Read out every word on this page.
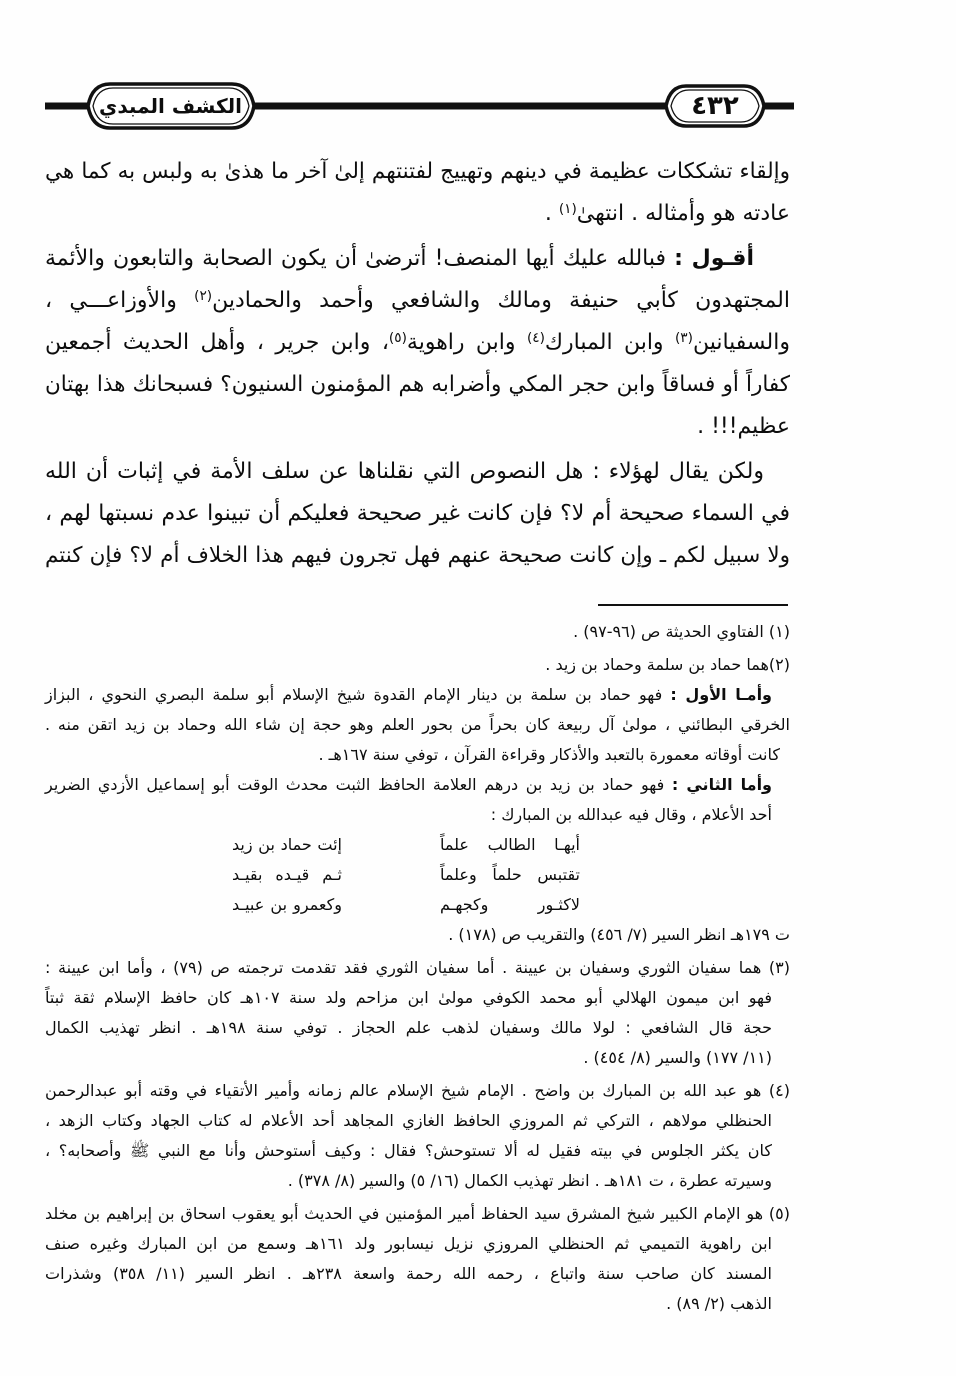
٤٣٢
الكشف المبدي
وإلقاء تشككات عظيمة في دينهم وتهييج لفتنتهم إلىٰ آخر ما هذىٰ به ولبس به كما هي
عادته هو وأمثاله . انتهىٰ$^{(١)}$ .
أقـول : فبالله عليك أيها المنصف! أترضىٰ أن يكون الصحابة والتابعون والأئمة
المجتهدون كأبي حنيفة ومالك والشافعي وأحمد والحمادين$^{(٢)}$ والأوزاعـــي ،
والسفيانين$^{(٣)}$ وابن المبارك$^{(٤)}$ وابن راهوية$^{(٥)}$، وابن جرير ، وأهل الحديث أجمعين
كفاراً أو فساقاً وابن حجر المكي وأضرابه هم المؤمنون السنيون؟ فسبحانك هذا بهتان
عظيم!!! .
ولكن يقال لهؤلاء : هل النصوص التي نقلناها عن سلف الأمة في إثبات أن الله
في السماء صحيحة أم لا؟ فإن كانت غير صحيحة فعليكم أن تبينوا عدم نسبتها لهم ،
ولا سبيل لكم ـ وإن كانت صحيحة عنهم فهل تجرون فيهم هذا الخلاف أم لا؟ فإن كنتم
(١) الفتاوي الحديثة ص (٩٦-٩٧) .
(٢)هما حماد بن سلمة وحماد بن زيد .
وأمـا الأول : فهو حماد بن سلمة بن دينار الإمام القدوة شيخ الإسلام أبو سلمة البصري النحوي ، البزاز
الخرقي البطائني ، مولىٰ آل ربيعة كان بحراً من بحور العلم وهو حجة إن شاء الله وحماد بن زيد اتقن منه .
كانت أوقاته معمورة بالتعبد والأذكار وقراءة القرآن ، توفي سنة ١٦٧هـ .
وأما الثاني : فهو حماد بن زيد بن درهم العلامة الحافظ الثبت محدث الوقت أبو إسماعيل الأزدي الضرير
أحد الأعلام ، وقال فيه عبدالله بن المبارك :
أيهـا الطالب علماً
إئت حماد بن زيد
تقتبس حلماً وعلماً
ثـم قيـده بقيـد
لاكثـور وكجهـم
وكعمرو بن عبيـد
ت ١٧٩هـ انظر السير (٧/ ٤٥٦) والتقريب ص (١٧٨) .
(٣) هما سفيان الثوري وسفيان بن عيينة . أما سفيان الثوري فقد تقدمت ترجمته ص (٧٩) ، وأما ابن عيينة :
فهو ابن ميمون الهلالي أبو محمد الكوفي مولىٰ ابن مزاحم ولد سنة ١٠٧هـ كان حافظ الإسلام ثقة ثبتاً
حجة قال الشافعي : لولا مالك وسفيان لذهب علم الحجاز . توفي سنة ١٩٨هـ . انظر تهذيب الكمال
(١١/ ١٧٧) والسير (٨/ ٤٥٤) .
(٤) هو عبد الله بن المبارك بن واضح . الإمام شيخ الإسلام عالم زمانه وأمير الأتقياء في وقته أبو عبدالرحمن
الحنظلي مولاهم ، التركي ثم المروزي الحافظ الغازي المجاهد أحد الأعلام له كتاب الجهاد وكتاب الزهد ،
كان يكثر الجلوس في بيته فقيل له ألا تستوحش؟ فقال : وكيف أستوحش وأنا مع النبي ﷺ وأصحابه؟ ،
وسيرته عطرة ، ت ١٨١هـ . انظر تهذيب الكمال (١٦/ ٥) والسير (٨/ ٣٧٨) .
(٥) هو الإمام الكبير شيخ المشرق سيد الحفاظ أمير المؤمنين في الحديث أبو يعقوب اسحاق بن إبراهيم بن مخلد
ابن راهوية التميمي ثم الحنظلي المروزي نزيل نيسابور ولد ١٦١هـ وسمع من ابن المبارك وغيره صنف
المسند كان صاحب سنة واتباع ، رحمه الله رحمة واسعة ٢٣٨هـ . انظر السير (١١/ ٣٥٨) وشذرات
الذهب (٢/ ٨٩) .
